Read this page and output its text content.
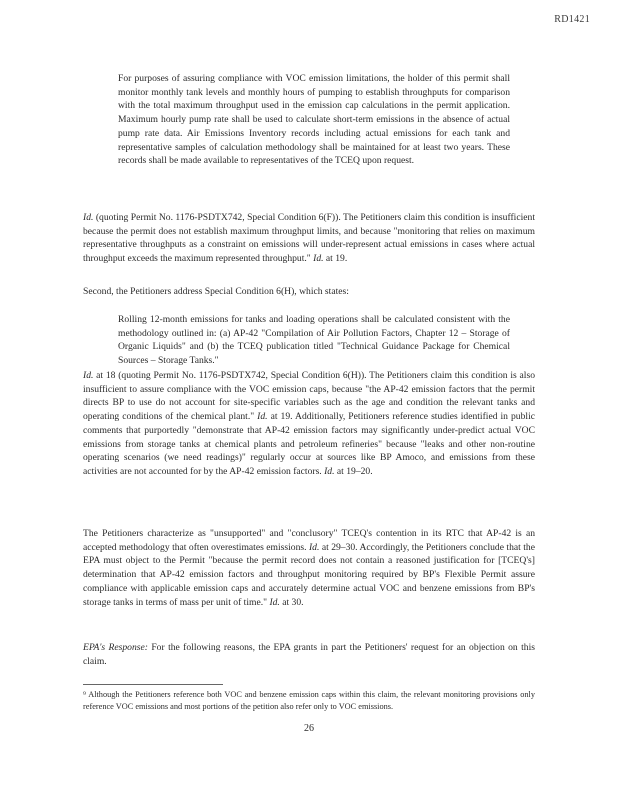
RD1421

For purposes of assuring compliance with VOC emission limitations, the holder of this permit shall monitor monthly tank levels and monthly hours of pumping to establish throughputs for comparison with the total maximum throughput used in the emission cap calculations in the permit application. Maximum hourly pump rate shall be used to calculate short-term emissions in the absence of actual pump rate data. Air Emissions Inventory records including actual emissions for each tank and representative samples of calculation methodology shall be maintained for at least two years. These records shall be made available to representatives of the TCEQ upon request.

Id. (quoting Permit No. 1176-PSDTX742, Special Condition 6(F)). The Petitioners claim this condition is insufficient because the permit does not establish maximum throughput limits, and because "monitoring that relies on maximum representative throughputs as a constraint on emissions will under-represent actual emissions in cases where actual throughput exceeds the maximum represented throughput." Id. at 19.

Second, the Petitioners address Special Condition 6(H), which states:

Rolling 12-month emissions for tanks and loading operations shall be calculated consistent with the methodology outlined in: (a) AP-42 "Compilation of Air Pollution Factors, Chapter 12 – Storage of Organic Liquids" and (b) the TCEQ publication titled "Technical Guidance Package for Chemical Sources – Storage Tanks."

Id. at 18 (quoting Permit No. 1176-PSDTX742, Special Condition 6(H)). The Petitioners claim this condition is also insufficient to assure compliance with the VOC emission caps, because "the AP-42 emission factors that the permit directs BP to use do not account for site-specific variables such as the age and condition the relevant tanks and operating conditions of the chemical plant." Id. at 19. Additionally, Petitioners reference studies identified in public comments that purportedly "demonstrate that AP-42 emission factors may significantly under-predict actual VOC emissions from storage tanks at chemical plants and petroleum refineries" because "leaks and other non-routine operating scenarios (we need readings)" regularly occur at sources like BP Amoco, and emissions from these activities are not accounted for by the AP-42 emission factors. Id. at 19–20.

The Petitioners characterize as "unsupported" and "conclusory" TCEQ's contention in its RTC that AP-42 is an accepted methodology that often overestimates emissions. Id. at 29–30. Accordingly, the Petitioners conclude that the EPA must object to the Permit "because the permit record does not contain a reasoned justification for [TCEQ's] determination that AP-42 emission factors and throughput monitoring required by BP's Flexible Permit assure compliance with applicable emission caps and accurately determine actual VOC and benzene emissions from BP's storage tanks in terms of mass per unit of time." Id. at 30.

EPA's Response: For the following reasons, the EPA grants in part the Petitioners' request for an objection on this claim.

⁹ Although the Petitioners reference both VOC and benzene emission caps within this claim, the relevant monitoring provisions only reference VOC emissions and most portions of the petition also refer only to VOC emissions.

26
